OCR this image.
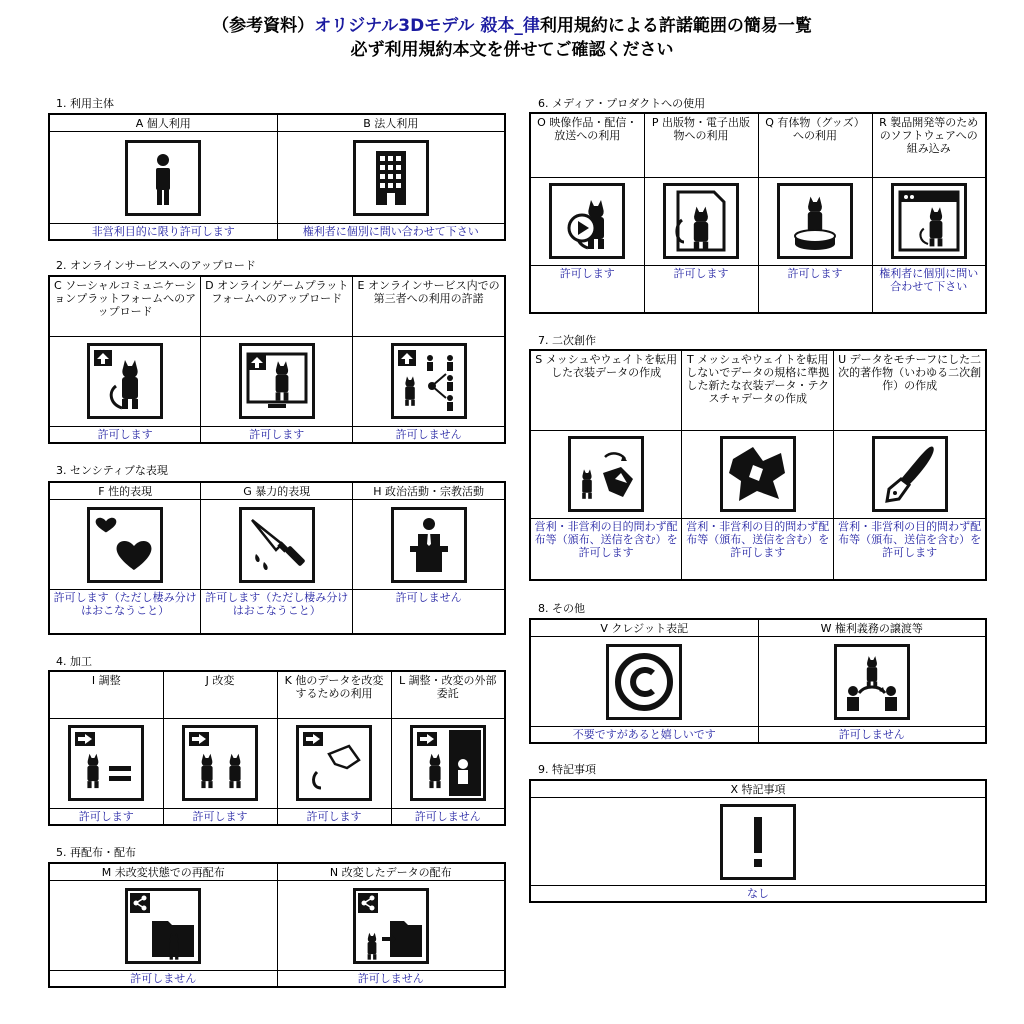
（参考資料）オリジナル3Dモデル 殺本_律利用規約による許諾範囲の簡易一覧
必ず利用規約本文を併せてご確認ください
1. 利用主体
A 個人利用	B 法人利用

非営利目的に限り許可します	権利者に個別に問い合わせて下さい
2. オンラインサービスへのアップロード
C ソーシャルコミュニケーションプラットフォームへのアップロード	D オンラインゲームプラットフォームへのアップロード	E オンラインサービス内での第三者への利用の許諾

許可します	許可します	許可しません
3. センシティブな表現
F 性的表現	G 暴力的表現	H 政治活動・宗教活動

許可します（ただし棲み分けはおこなうこと）	許可します（ただし棲み分けはおこなうこと）	許可しません
4. 加工
I 調整	J 改変	K 他のデータを改変するための利用	L 調整・改変の外部委託

許可します	許可します	許可します	許可しません
5. 再配布・配布
M 未改変状態での再配布	N 改変したデータの配布

許可しません	許可しません
6. メディア・プロダクトへの使用
O 映像作品・配信・放送への利用	P 出版物・電子出版物への利用	Q 有体物（グッズ）への利用	R 製品開発等のためのソフトウェアへの組み込み

許可します	許可します	許可します	権利者に個別に問い合わせて下さい
7. 二次創作
S メッシュやウェイトを転用した衣装データの作成	T メッシュやウェイトを転用しないでデータの規格に準拠した新たな衣装データ・テクスチャデータの作成	U データをモチーフにした二次的著作物（いわゆる二次創作）の作成

営利・非営利の目的問わず配布等（頒布、送信を含む）を許可します	営利・非営利の目的問わず配布等（頒布、送信を含む）を許可します	営利・非営利の目的問わず配布等（頒布、送信を含む）を許可します
8. その他
V クレジット表記	W 権利義務の譲渡等

不要ですがあると嬉しいです	許可しません
9. 特記事項
X 特記事項

なし
